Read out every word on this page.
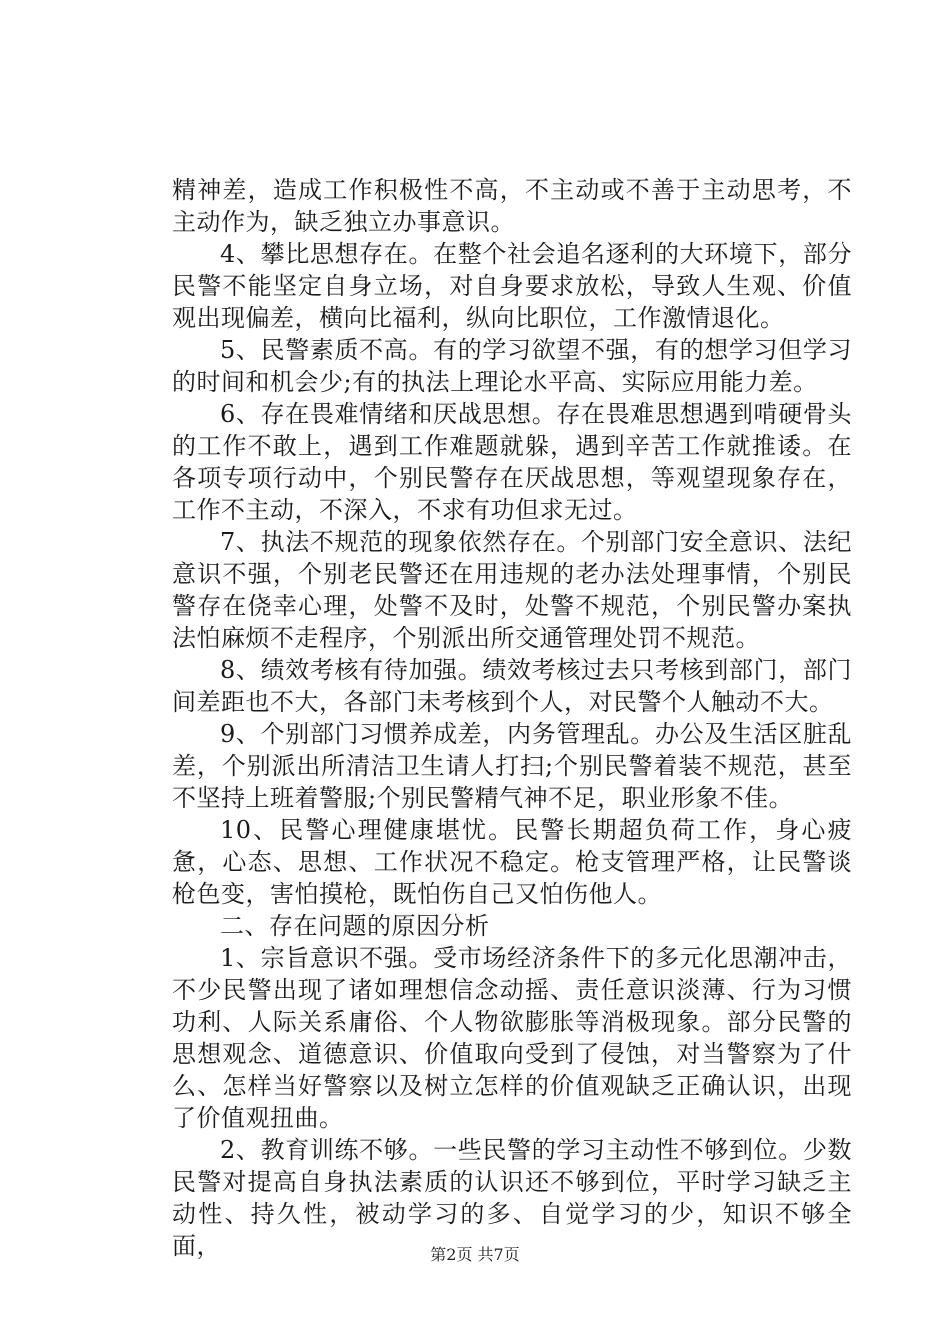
精神差，造成工作积极性不高，不主动或不善于主动思考，不主动作为，缺乏独立办事意识。

4、攀比思想存在。在整个社会追名逐利的大环境下，部分民警不能坚定自身立场，对自身要求放松，导致人生观、价值观出现偏差，横向比福利，纵向比职位，工作激情退化。

5、民警素质不高。有的学习欲望不强，有的想学习但学习的时间和机会少;有的执法上理论水平高、实际应用能力差。

6、存在畏难情绪和厌战思想。存在畏难思想遇到啃硬骨头的工作不敢上，遇到工作难题就躲，遇到辛苦工作就推诿。在各项专项行动中，个别民警存在厌战思想，等观望现象存在，工作不主动，不深入，不求有功但求无过。

7、执法不规范的现象依然存在。个别部门安全意识、法纪意识不强，个别老民警还在用违规的老办法处理事情，个别民警存在侥幸心理，处警不及时，处警不规范，个别民警办案执法怕麻烦不走程序，个别派出所交通管理处罚不规范。

8、绩效考核有待加强。绩效考核过去只考核到部门，部门间差距也不大，各部门未考核到个人，对民警个人触动不大。

9、个别部门习惯养成差，内务管理乱。办公及生活区脏乱差，个别派出所清洁卫生请人打扫;个别民警着装不规范，甚至不坚持上班着警服;个别民警精气神不足，职业形象不佳。

10、民警心理健康堪忧。民警长期超负荷工作，身心疲惫，心态、思想、工作状况不稳定。枪支管理严格，让民警谈枪色变，害怕摸枪，既怕伤自己又怕伤他人。

二、存在问题的原因分析

1、宗旨意识不强。受市场经济条件下的多元化思潮冲击，不少民警出现了诸如理想信念动摇、责任意识淡薄、行为习惯功利、人际关系庸俗、个人物欲膨胀等消极现象。部分民警的思想观念、道德意识、价值取向受到了侵蚀，对当警察为了什么、怎样当好警察以及树立怎样的价值观缺乏正确认识，出现了价值观扭曲。

2、教育训练不够。一些民警的学习主动性不够到位。少数民警对提高自身执法素质的认识还不够到位，平时学习缺乏主动性、持久性，被动学习的多、自觉学习的少，知识不够全面，	第2页 共7页
